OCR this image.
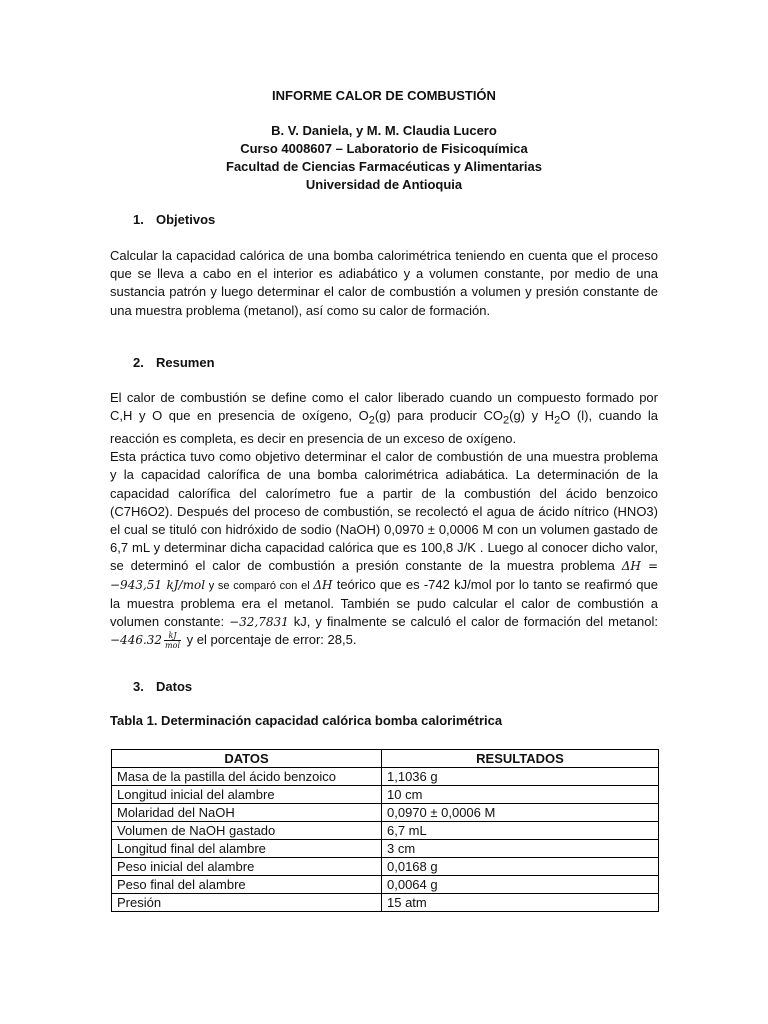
INFORME CALOR DE COMBUSTIÓN
B. V. Daniela, y M. M. Claudia Lucero
Curso 4008607 – Laboratorio de Fisicoquímica
Facultad de Ciencias Farmacéuticas y Alimentarias
Universidad de Antioquia
1. Objetivos

Calcular la capacidad calórica de una bomba calorimétrica teniendo en cuenta que el proceso que se lleva a cabo en el interior es adiabático y a volumen constante, por medio de una sustancia patrón y luego determinar el calor de combustión a volumen y presión constante de una muestra problema (metanol), así como su calor de formación.

2. Resumen

El calor de combustión se define como el calor liberado cuando un compuesto formado por C,H y O que en presencia de oxígeno, $O_2(g)$ para producir $CO_2(g)$ y $H_2O$ (l), cuando la reacción es completa, es decir en presencia de un exceso de oxígeno.

Esta práctica tuvo como objetivo determinar el calor de combustión de una muestra problema y la capacidad calorífica de una bomba calorimétrica adiabática. La determinación de la capacidad calorífica del calorímetro fue a partir de la combustión del ácido benzoico (C7H6O2). Después del proceso de combustión, se recolectó el agua de ácido nítrico (HNO3) el cual se tituló con hidróxido de sodio (NaOH) 0,0970 ± 0,0006 M con un volumen gastado de 6,7 mL y determinar dicha capacidad calórica que es 100,8 J/K . Luego al conocer dicho valor, se determinó el calor de combustión a presión constante de la muestra problema ΔH = −943,51 kJ/mol y se comparó con el ΔH teórico que es -742 kJ/mol por lo tanto se reafirmó que la muestra problema era el metanol. También se pudo calcular el calor de combustión a volumen constante: −32,7831 kJ, y finalmente se calculó el calor de formación del metanol: $-446.32 \frac{kJ}{\text{mol}}$ y el porcentaje de error: 28,5.

3. Datos
Tabla 1. Determinación capacidad calórica bomba calorimétrica
DATOS	RESULTADOS
Masa de la pastilla del ácido benzoico	1,1036 g
Longitud inicial del alambre	10 cm
Molaridad del NaOH	0,0970 ± 0,0006 M
Volumen de NaOH gastado	6,7 mL
Longitud final del alambre	3 cm
Peso inicial del alambre	0,0168 g
Peso final del alambre	0,0064 g
Presión	15 atm
